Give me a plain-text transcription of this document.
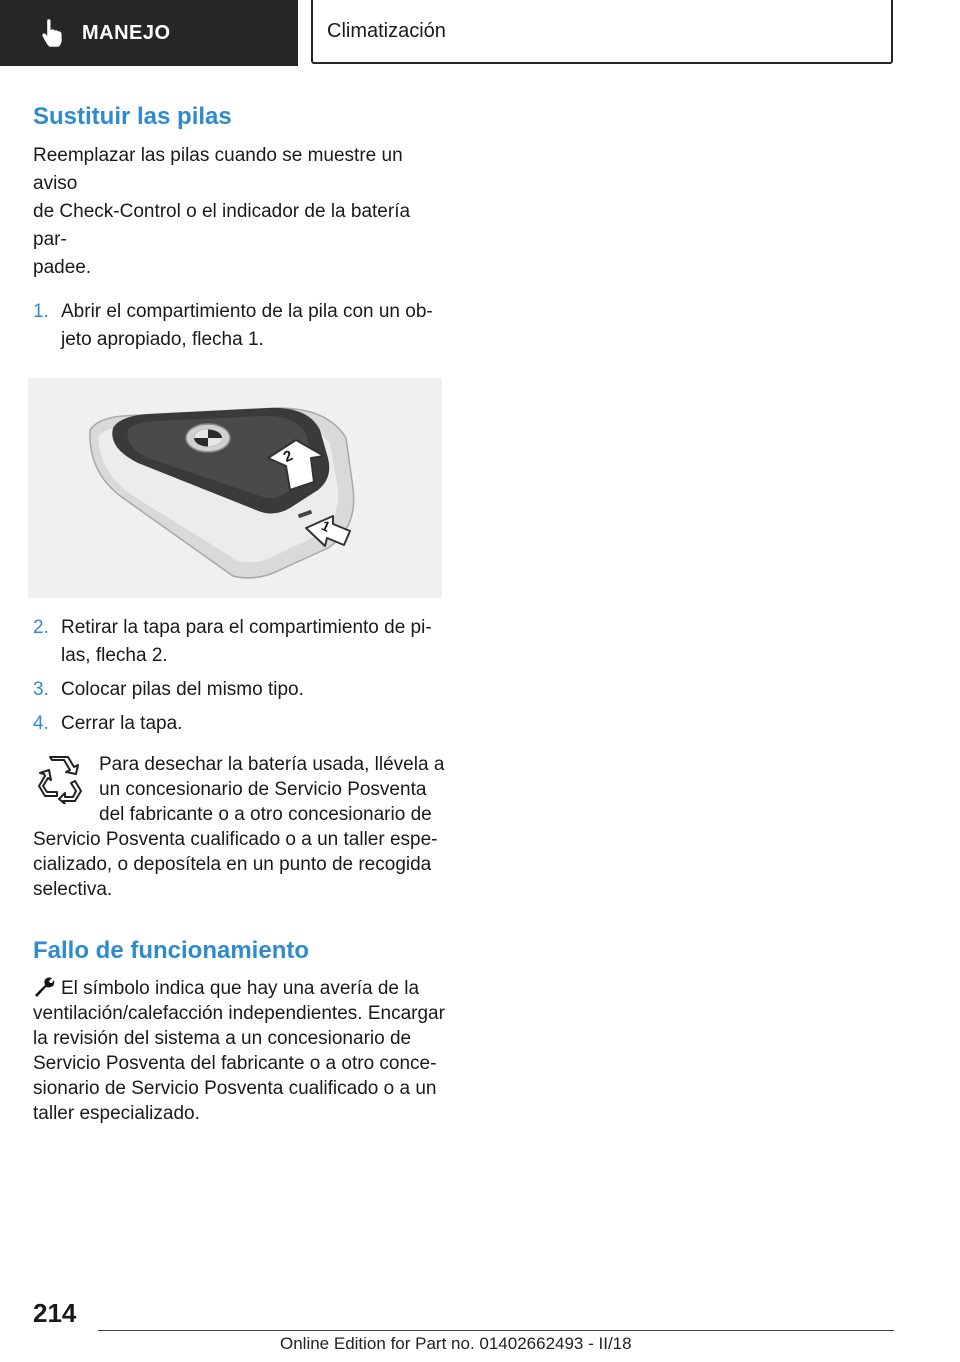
MANEJO	Climatización
Sustituir las pilas

Reemplazar las pilas cuando se muestre un aviso
de Check-Control o el indicador de la batería par-
padee.

1. Abrir el compartimiento de la pila con un ob-
jeto apropiado, flecha 1.
2
1
2. Retirar la tapa para el compartimiento de pi-
las, flecha 2.
3. Colocar pilas del mismo tipo.
4. Cerrar la tapa.
Para desechar la batería usada, llévela a
un concesionario de Servicio Posventa
del fabricante o a otro concesionario de
Servicio Posventa cualificado o a un taller espe-
cializado, o deposítela en un punto de recogida
selectiva.
Fallo de funcionamiento
El símbolo indica que hay una avería de la
ventilación/calefacción independientes. Encargar
la revisión del sistema a un concesionario de
Servicio Posventa del fabricante o a otro conce-
sionario de Servicio Posventa cualificado o a un
taller especializado.
214
Online Edition for Part no. 01402662493 - II/18
